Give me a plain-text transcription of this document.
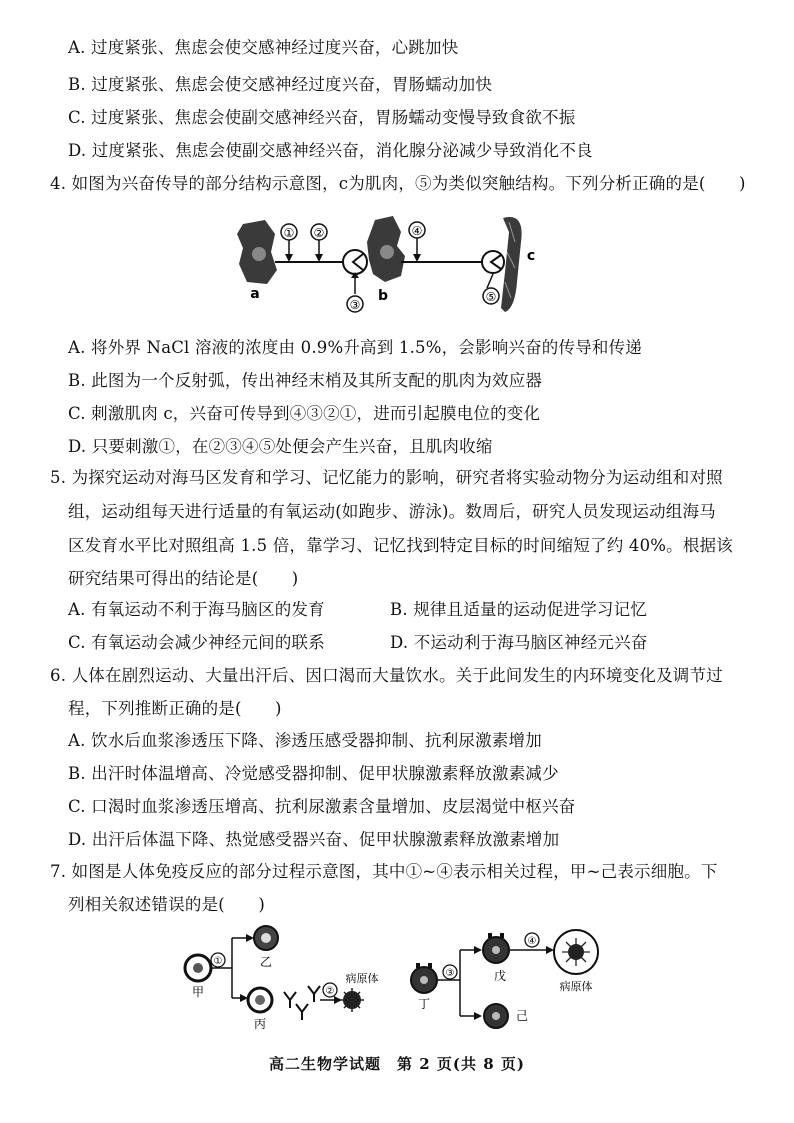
A. 过度紧张、焦虑会使交感神经过度兴奋，心跳加快
B. 过度紧张、焦虑会使交感神经过度兴奋，胃肠蠕动加快
C. 过度紧张、焦虑会使副交感神经兴奋，胃肠蠕动变慢导致食欲不振
D. 过度紧张、焦虑会使副交感神经兴奋，消化腺分泌减少导致消化不良
4. 如图为兴奋传导的部分结构示意图，c为肌肉，⑤为类似突触结构。下列分析正确的是(　　)
① ②
③
④
⑤
a	b
c
A. 将外界 NaCl 溶液的浓度由 0.9%升高到 1.5%，会影响兴奋的传导和传递
B. 此图为一个反射弧，传出神经末梢及其所支配的肌肉为效应器
C. 刺激肌肉 c，兴奋可传导到④③②①，进而引起膜电位的变化
D. 只要刺激①，在②③④⑤处便会产生兴奋，且肌肉收缩
5. 为探究运动对海马区发育和学习、记忆能力的影响，研究者将实验动物分为运动组和对照
组，运动组每天进行适量的有氧运动(如跑步、游泳)。数周后，研究人员发现运动组海马
区发育水平比对照组高 1.5 倍，靠学习、记忆找到特定目标的时间缩短了约 40%。根据该
研究结果可得出的结论是(　　)
A. 有氧运动不利于海马脑区的发育	B. 规律且适量的运动促进学习记忆
C. 有氧运动会减少神经元间的联系	D. 不运动利于海马脑区神经元兴奋
6. 人体在剧烈运动、大量出汗后、因口渴而大量饮水。关于此间发生的内环境变化及调节过
程，下列推断正确的是(　　)
A. 饮水后血浆渗透压下降、渗透压感受器抑制、抗利尿激素增加
B. 出汗时体温增高、冷觉感受器抑制、促甲状腺激素释放激素减少
C. 口渴时血浆渗透压增高、抗利尿激素含量增加、皮层渴觉中枢兴奋
D. 出汗后体温下降、热觉感受器兴奋、促甲状腺激素释放激素增加
7. 如图是人体免疫反应的部分过程示意图，其中①~④表示相关过程，甲~己表示细胞。下
列相关叙述错误的是(　　)
甲
①	乙
丙
②
病原体
丁
③	戊
己
④
病原体
高二生物学试题　第 2 页(共 8 页)
